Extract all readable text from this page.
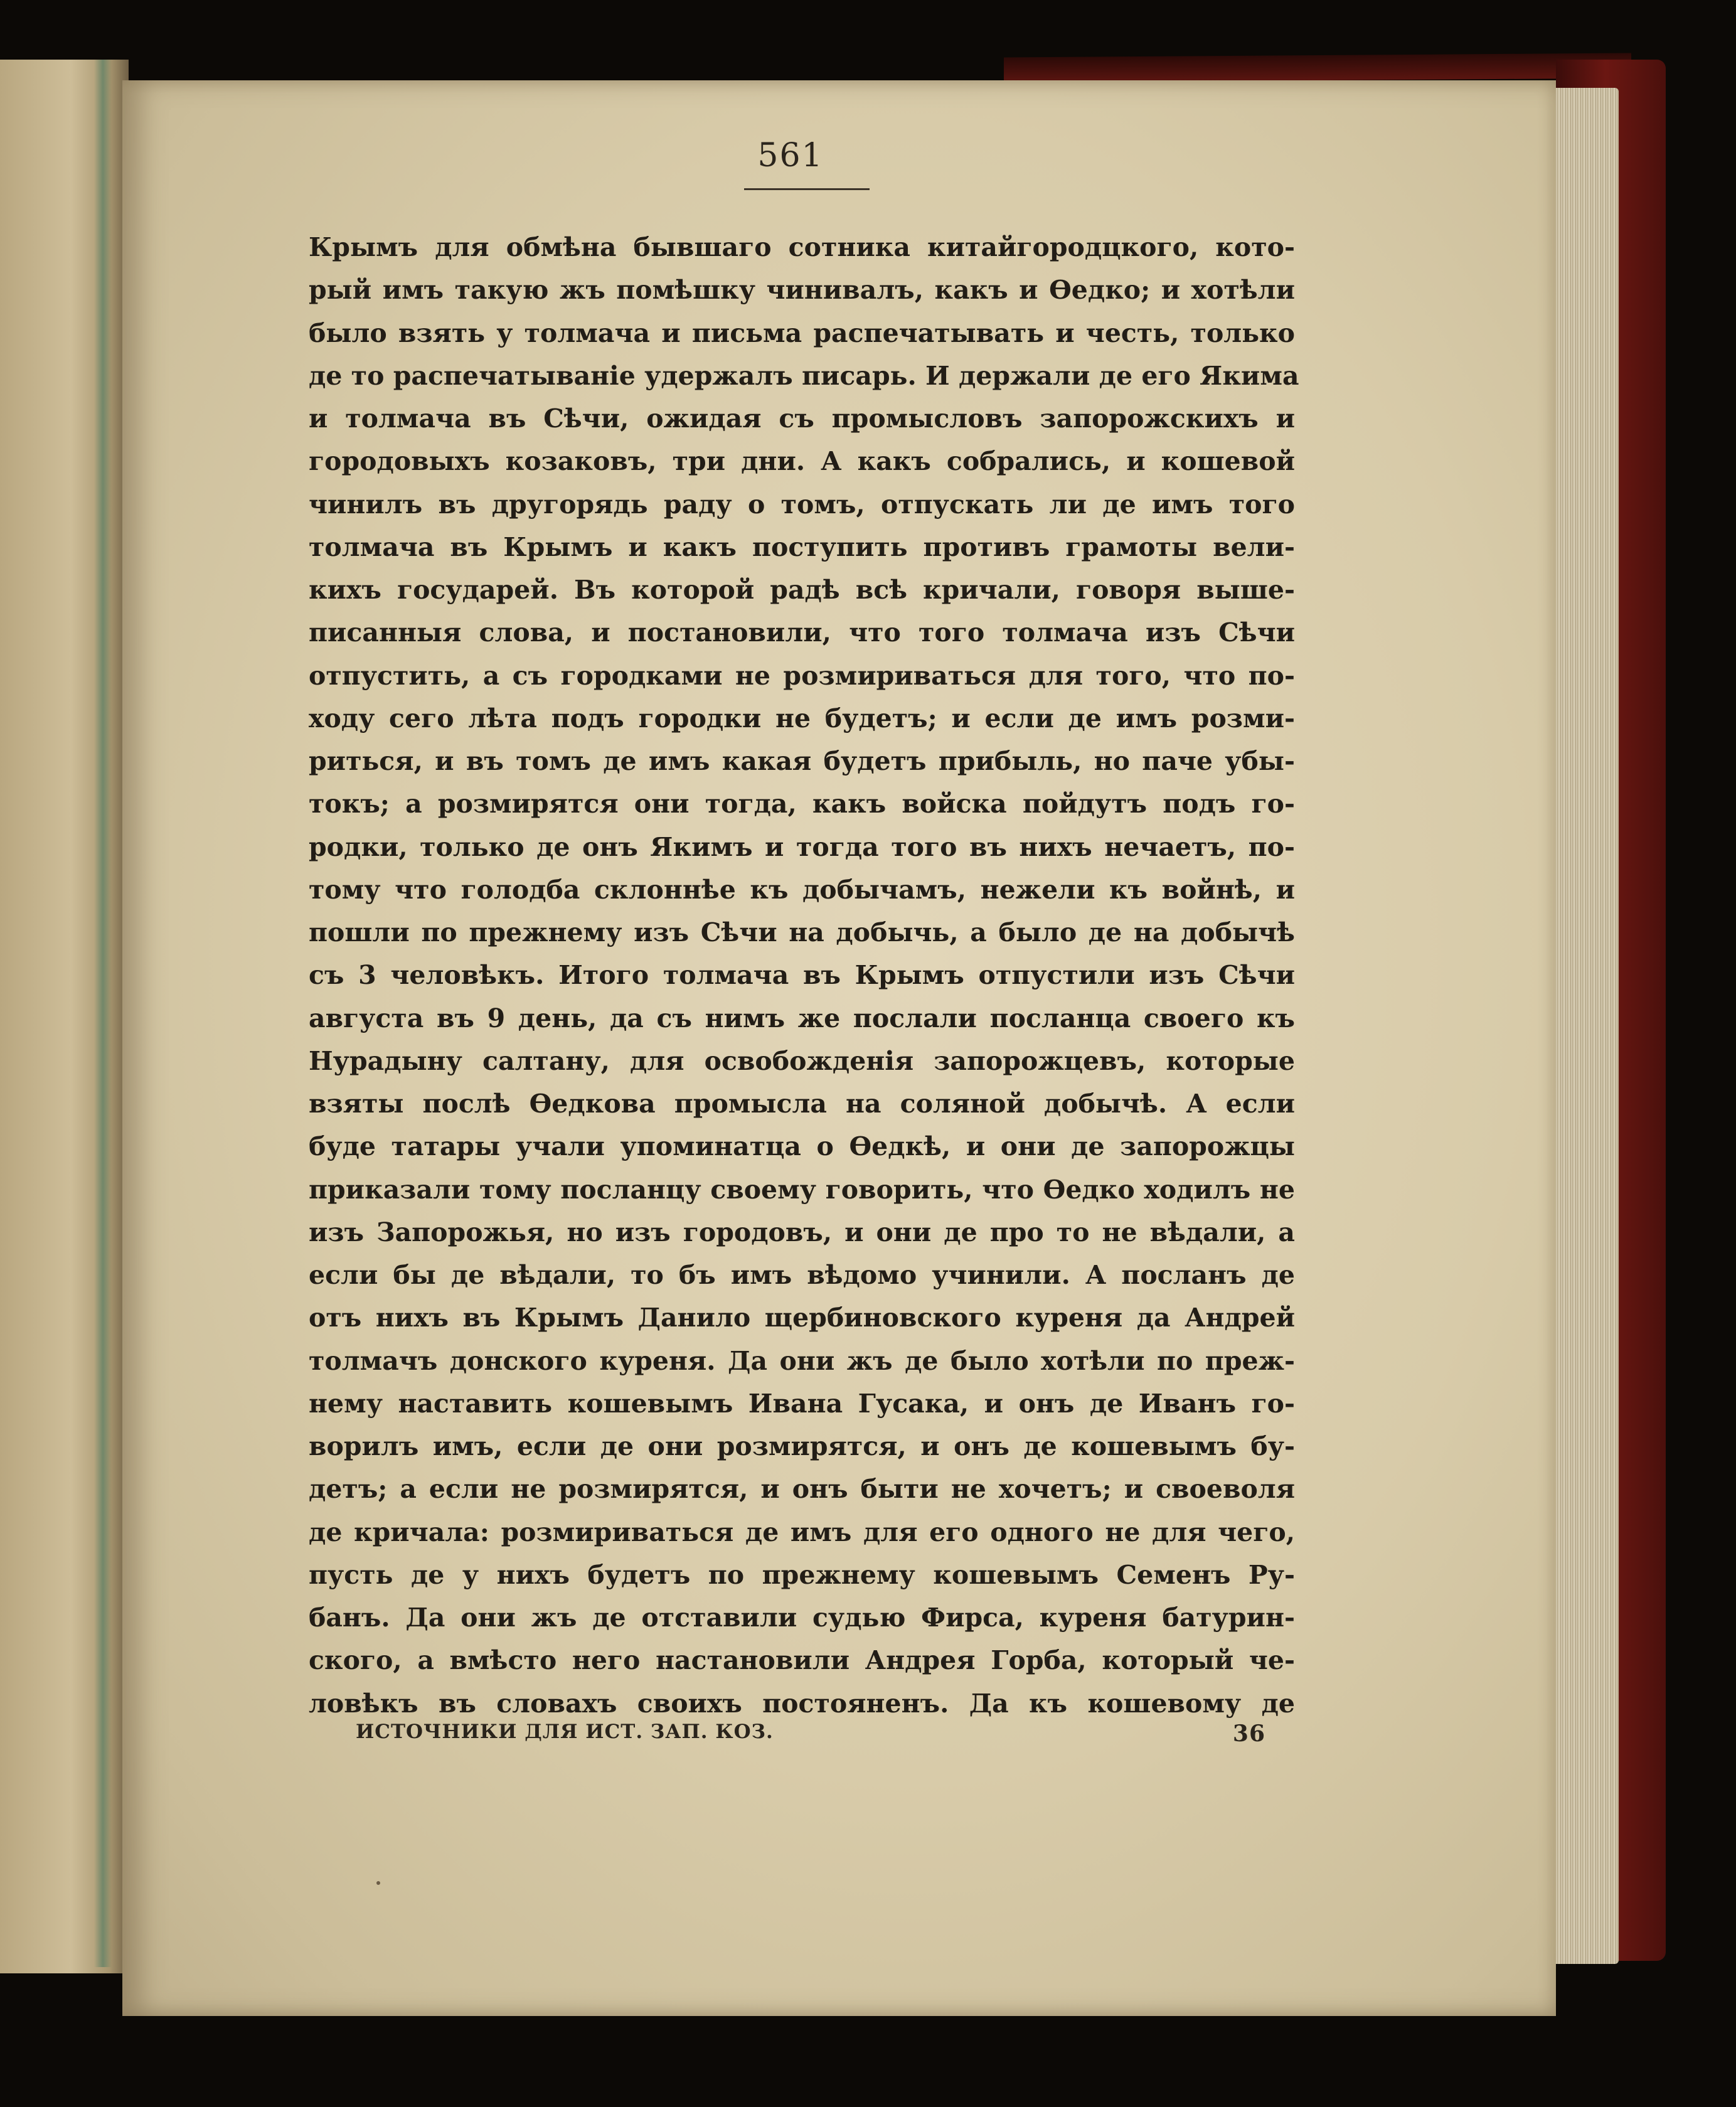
561
Крымъ для обмѣна бывшаго сотника китайгородцкого, кото-
рый имъ такую жъ помѣшку чинивалъ, какъ и Ѳедко; и хотѣли
было взять у толмача и письма распечатывать и честь, только
де то распечатываніе удержалъ писарь. И держали де его Якима
и толмача въ Сѣчи, ожидая съ промысловъ запорожскихъ и
городовыхъ козаковъ, три дни. А какъ собрались, и кошевой
чинилъ въ другорядь раду о томъ, отпускать ли де имъ того
толмача въ Крымъ и какъ поступить противъ грамоты вели-
кихъ государей. Въ которой радѣ всѣ кричали, говоря выше-
писанныя слова, и постановили, что того толмача изъ Сѣчи
отпустить, а съ городками не розмириваться для того, что по-
ходу сего лѣта подъ городки не будетъ; и если де имъ розми-
риться, и въ томъ де имъ какая будетъ прибыль, но паче убы-
токъ; а розмирятся они тогда, какъ войска пойдутъ подъ го-
родки, только де онъ Якимъ и тогда того въ нихъ нечаетъ, по-
тому что голодба склоннѣе къ добычамъ, нежели къ войнѣ, и
пошли по прежнему изъ Сѣчи на добычь, а было де на добычѣ
съ 3 человѣкъ. Итого толмача въ Крымъ отпустили изъ Сѣчи
августа въ 9 день, да съ нимъ же послали посланца своего къ
Нурадыну салтану, для освобожденія запорожцевъ, которые
взяты послѣ Ѳедкова промысла на соляной добычѣ. А если
буде татары учали упоминатца о Ѳедкѣ, и они де запорожцы
приказали тому посланцу своему говорить, что Ѳедко ходилъ не
изъ Запорожья, но изъ городовъ, и они де про то не вѣдали, а
если бы де вѣдали, то бъ имъ вѣдомо учинили. А посланъ де
отъ нихъ въ Крымъ Данило щербиновского куреня да Андрей
толмачъ донского куреня. Да они жъ де было хотѣли по преж-
нему наставить кошевымъ Ивана Гусака, и онъ де Иванъ го-
ворилъ имъ, если де они розмирятся, и онъ де кошевымъ бу-
детъ; а если не розмирятся, и онъ быти не хочетъ; и своеволя
де кричала: розмириваться де имъ для его одного не для чего,
пусть де у нихъ будетъ по прежнему кошевымъ Семенъ Ру-
банъ. Да они жъ де отставили судью Фирса, куреня батурин-
ского, а вмѣсто него настановили Андрея Горба, который че-
ловѣкъ въ словахъ своихъ постояненъ. Да къ кошевому де
ИСТОЧНИКИ ДЛЯ ИСТ. ЗАП. КОЗ.	36
